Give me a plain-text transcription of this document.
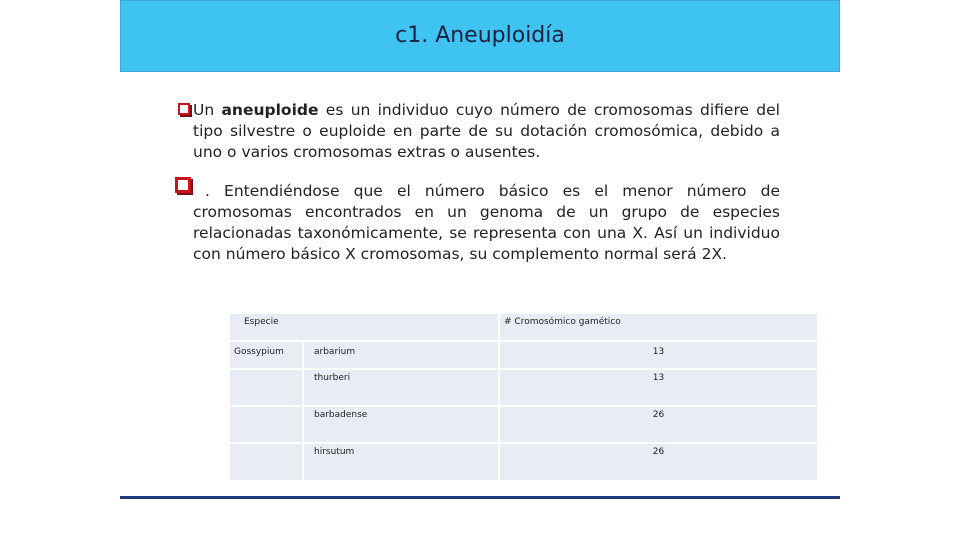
c1. Aneuploidía
Un aneuploide es un individuo cuyo número de cromosomas difiere del tipo silvestre o euploide en parte de su dotación cromosómica, debido a uno o varios cromosomas extras o ausentes.
. Entendiéndose que el número básico es el menor número de cromosomas encontrados en un genoma de un grupo de especies relacionadas taxonómicamente, se representa con una X. Así un individuo con número básico X cromosomas, su complemento normal será 2X.
Especie		# Cromosómico gamético
Gossypium	arbarium	13
	thurberi	13
	barbadense	26
	hirsutum	26
